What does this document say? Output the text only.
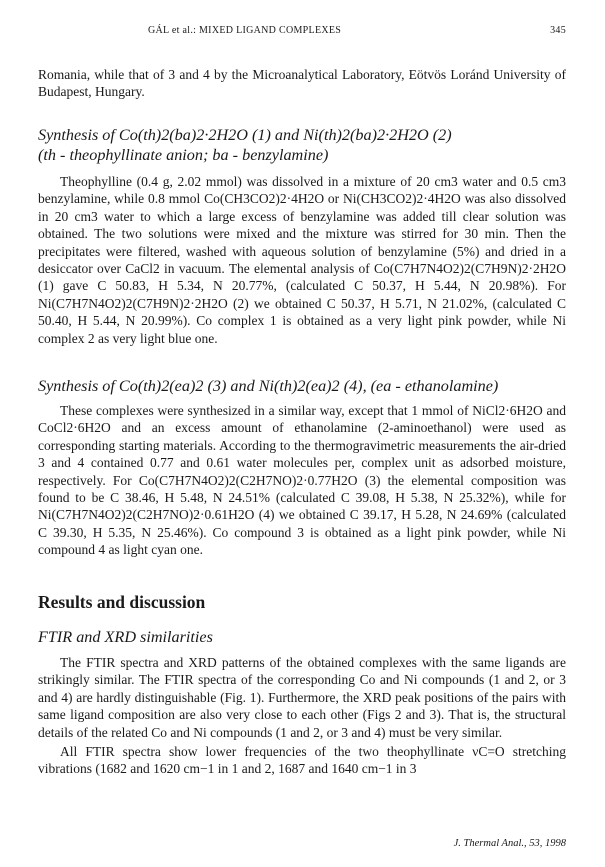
GÁL et al.: MIXED LIGAND COMPLEXES	345
Romania, while that of 3 and 4 by the Microanalytical Laboratory, Eötvös Loránd University of Budapest, Hungary.
Synthesis of Co(th)2(ba)2·2H2O (1) and Ni(th)2(ba)2·2H2O (2)
(th - theophyllinate anion; ba - benzylamine)
Theophylline (0.4 g, 2.02 mmol) was dissolved in a mixture of 20 cm3 water and 0.5 cm3 benzylamine, while 0.8 mmol Co(CH3CO2)2·4H2O or Ni(CH3CO2)2·4H2O was also dissolved in 20 cm3 water to which a large excess of benzylamine was added till clear solution was obtained. The two solutions were mixed and the mixture was stirred for 30 min. Then the precipitates were filtered, washed with aqueous solution of benzylamine (5%) and dried in a desiccator over CaCl2 in vacuum. The elemental analysis of Co(C7H7N4O2)2(C7H9N)2·2H2O (1) gave C 50.83, H 5.34, N 20.77%, (calculated C 50.37, H 5.44, N 20.98%). For Ni(C7H7N4O2)2(C7H9N)2·2H2O (2) we obtained C 50.37, H 5.71, N 21.02%, (calculated C 50.40, H 5.44, N 20.99%). Co complex 1 is obtained as a very light pink powder, while Ni complex 2 as very light blue one.
Synthesis of Co(th)2(ea)2 (3) and Ni(th)2(ea)2 (4), (ea - ethanolamine)
These complexes were synthesized in a similar way, except that 1 mmol of NiCl2·6H2O and CoCl2·6H2O and an excess amount of ethanolamine (2-aminoethanol) were used as corresponding starting materials. According to the thermogravimetric measurements the air-dried 3 and 4 contained 0.77 and 0.61 water molecules per, complex unit as adsorbed moisture, respectively. For Co(C7H7N4O2)2(C2H7NO)2·0.77H2O (3) the elemental composition was found to be C 38.46, H 5.48, N 24.51% (calculated C 39.08, H 5.38, N 25.32%), while for Ni(C7H7N4O2)2(C2H7NO)2·0.61H2O (4) we obtained C 39.17, H 5.28, N 24.69% (calculated C 39.30, H 5.35, N 25.46%). Co compound 3 is obtained as a light pink powder, while Ni compound 4 as light cyan one.
Results and discussion
FTIR and XRD similarities
The FTIR spectra and XRD patterns of the obtained complexes with the same ligands are strikingly similar. The FTIR spectra of the corresponding Co and Ni compounds (1 and 2, or 3 and 4) are hardly distinguishable (Fig. 1). Furthermore, the XRD peak positions of the pairs with same ligand composition are also very close to each other (Figs 2 and 3). That is, the structural details of the related Co and Ni compounds (1 and 2, or 3 and 4) must be very similar.
All FTIR spectra show lower frequencies of the two theophyllinate νC=O stretching vibrations (1682 and 1620 cm−1 in 1 and 2, 1687 and 1640 cm−1 in 3
J. Thermal Anal., 53, 1998
